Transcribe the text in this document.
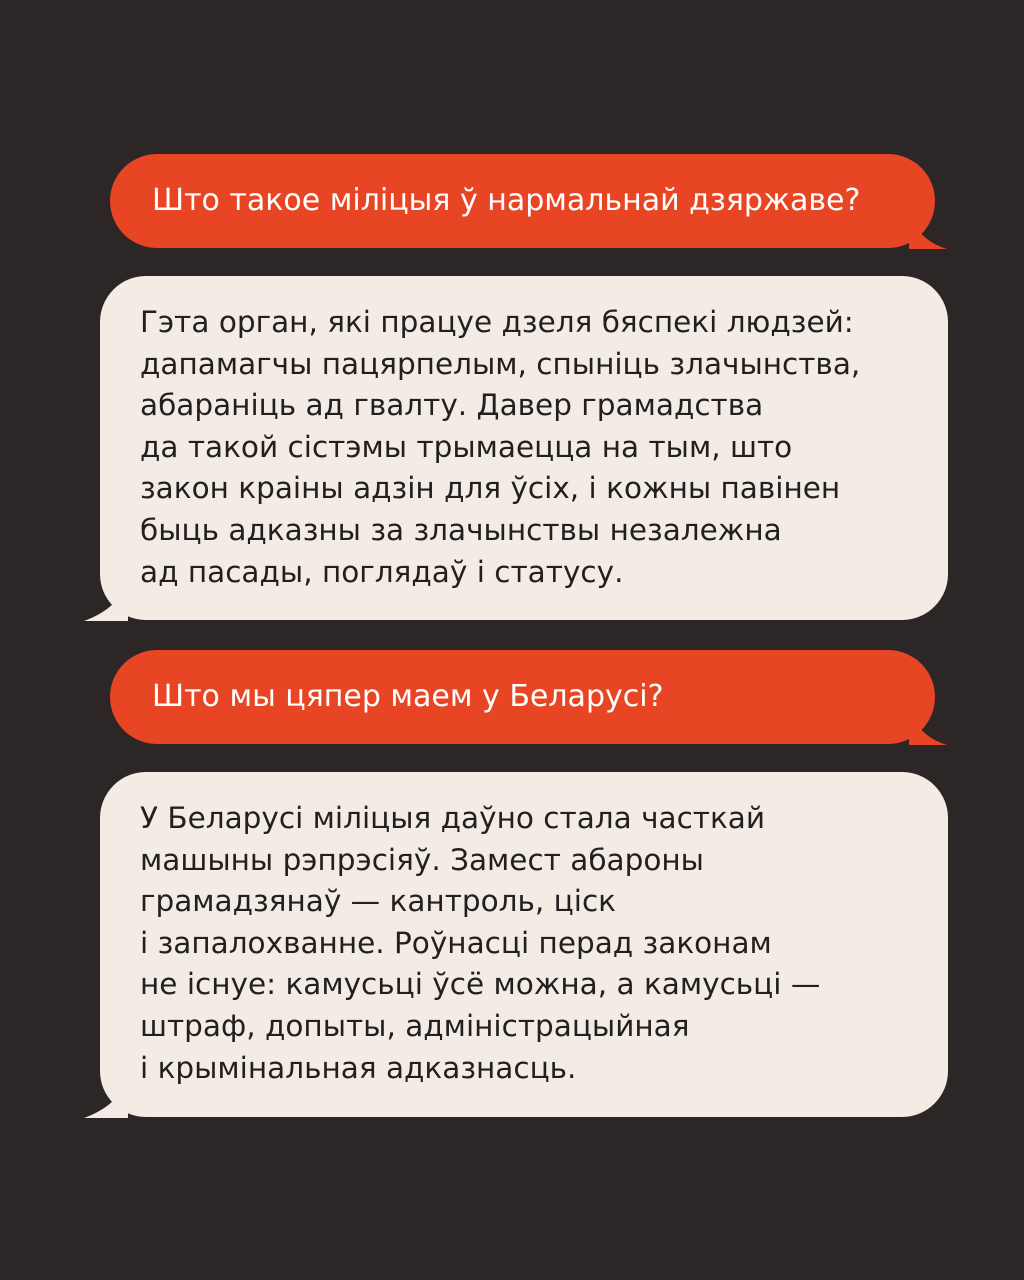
Што такое міліцыя ў нармальнай дзяржаве?
Гэта орган, які працуе дзеля бяспекі людзей:
дапамагчы пацярпелым, спыніць злачынства,
абараніць ад гвалту. Давер грамадства
да такой сістэмы трымаецца на тым, што
закон краіны адзін для ўсіх, і кожны павінен
быць адказны за злачынствы незалежна
ад пасады, поглядаў і статусу.
Што мы цяпер маем у Беларусі?
У Беларусі міліцыя даўно стала часткай
машыны рэпрэсіяў. Замест абароны
грамадзянаў — кантроль, ціск
і запалохванне. Роўнасці перад законам
не існуе: камусьці ўсё можна, а камусьці —
штраф, допыты, адміністрацыйная
і крымінальная адказнасць.
